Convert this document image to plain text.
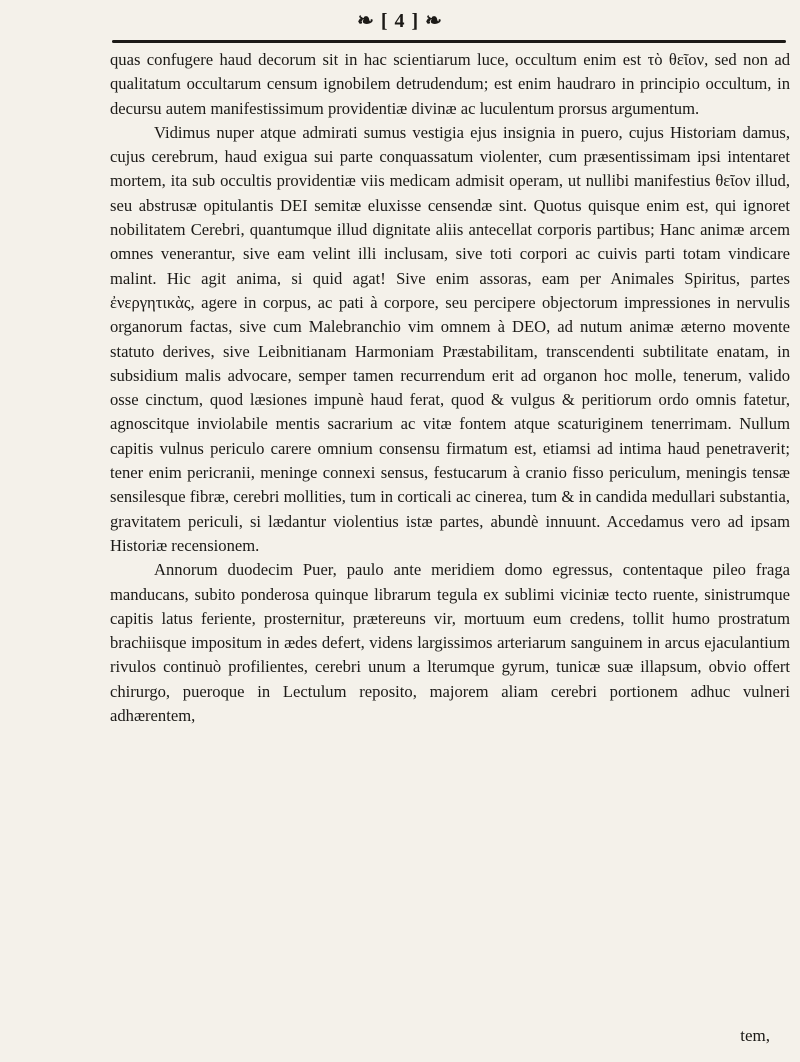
❧ [ 4 ] ❧

quas confugere haud decorum sit in hac scientiarum luce, occultum enim est τὸ θεῖον, sed non ad qualitatum occultarum censum ignobilem detrudendum; est enim haudraro in principio occultum, in decursu autem manifestissimum providentiæ divinæ ac luculentum prorsus argumentum.

Vidimus nuper atque admirati sumus vestigia ejus insignia in puero, cujus Historiam damus, cujus cerebrum, haud exigua sui parte conquassatum violenter, cum præsentissimam ipsi intentaret mortem, ita sub occultis providentiæ viis medicam admisit operam, ut nullibi manifestius θεῖον illud, seu abstrusæ opitulantis DEI semitæ eluxisse censendæ sint. Quotus quisque enim est, qui ignoret nobilitatem Cerebri, quantumque illud dignitate aliis antecellat corporis partibus; Hanc animæ arcem omnes venerantur, sive eam velint illi inclusam, sive toti corpori ac cuivis parti totam vindicare malint. Hic agit anima, si quid agat! Sive enim assoras, eam per Animales Spiritus, partes ἐνεργητικὰς, agere in corpus, ac pati à corpore, seu percipere objectorum impressiones in nervulis organorum factas, sive cum Malebranchio vim omnem à DEO, ad nutum animæ æterno movente statuto derives, sive Leibnitianam Harmoniam Præstabilitam, transcendenti subtilitate enatam, in subsidium malis advocare, semper tamen recurrendum erit ad organon hoc molle, tenerum, valido osse cinctum, quod læsiones impunè haud ferat, quod & vulgus & peritiorum ordo omnis fatetur, agnoscitque inviolabile mentis sacrarium ac vitæ fontem atque scaturiginem tenerrimam. Nullum capitis vulnus periculo carere omnium consensu firmatum est, etiamsi ad intima haud penetraverit; tener enim pericranii, meninge connexi sensus, festucarum à cranio fisso periculum, meningis tensæ sensilesque fibræ, cerebri mollities, tum in corticali ac cinerea, tum & in candida medullari substantia, gravitatem periculi, si lædantur violentius istæ partes, abundè innuunt. Accedamus vero ad ipsam Historiæ recensionem.

Annorum duodecim Puer, paulo ante meridiem domo egressus, contentaque pileo fraga manducans, subito ponderosa quinque librarum tegula ex sublimi viciniæ tecto ruente, sinistrumque capitis latus feriente, prosternitur, prætereuns vir, mortuum eum credens, tollit humo prostratum brachiisque impositum in ædes defert, videns largissimos arteriarum sanguinem in arcus ejaculantium rivulos continuò profilientes, cerebri unum a lterumque gyrum, tunicæ suæ illapsum, obvio offert chirurgo, pueroque in Lectulum reposito, majorem aliam cerebri portionem adhuc vulneri adhærentem,

tem,
